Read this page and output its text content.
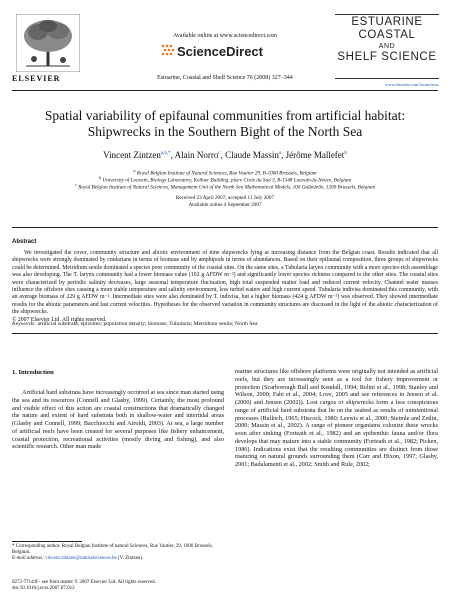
ELSEVIER
Available online at www.sciencedirect.com
ScienceDirect
Estuarine, Coastal and Shelf Science 76 (2008) 327–344
ESTUARINE
COASTAL
AND
SHELF SCIENCE
www.elsevier.com/locate/ecss
Spatial variability of epifaunal communities from artificial habitat:
Shipwrecks in the Southern Bight of the North Sea
Vincent Zintzen$^{a,b,*}$, Alain Norro$^c$, Claude Massin$^a$, Jérôme Mallefet$^b$
$^a$ Royal Belgian Institute of Natural Sciences, Rue Vautier 29, B-1000 Brussels, Belgium
$^b$ University of Louvain, Biology Laboratory, Kellner Building, place Croix du Sud 3, B-1348 Louvain-la-Neuve, Belgium
$^c$ Royal Belgian Institute of Natural Sciences, Management Unit of the North Sea Mathematical Models, 100 Gulledelle, 1200 Brussels, Belgium
Received 23 April 2007; accepted 11 July 2007
Available online 4 September 2007
Abstract
We investigated the cover, community structure and abiotic environment of nine shipwrecks lying at increasing distance from the Belgian coast. Results indicated that all shipwrecks were strongly dominated by cnidarians in terms of biomass and by amphipods in terms of abundances. Based on their epifaunal composition, three groups of shipwrecks could be determined. Metridium senile dominated a species poor community of the coastal sites. On the same sites, a Tubularia larynx community with a more species-rich assemblage was also developing. The T. larynx community had a lower biomass value (102 g AFDW m⁻²) and significantly lower species richness compared to the other sites. The coastal sites were characterized by periodic salinity decreases, large seasonal temperature fluctuation, high total suspended matter load and reduced current velocity. Channel water masses influence the offshore sites causing a more stable temperature and salinity environment, less turbid waters and high current speed. Tubularia indivisa dominated this community, with an average biomass of 229 g AFDW m⁻². Intermediate sites were also dominated by T. indivisa, but a higher biomass (424 g AFDW m⁻²) was observed. They showed intermediate results for the abiotic parameters and fast current velocities. Hypotheses for the observed variation in community structures are discussed in the light of the abiotic characterization of the shipwrecks.
© 2007 Elsevier Ltd. All rights reserved.
Keywords: artificial substrata; epizoites; population density; biomass; Tubularia; Metridium senile; North Sea
1. Introduction
Artificial hard substrata have increasingly occurred at sea since man started using the sea and its resources (Connell and Glasby, 1999). Certainly, the most profound and visible effect of this action are coastal constructions that dramatically changed the nature and extent of hard substrata both in shallow-water and intertidal areas (Glasby and Connell, 1999; Bacchiocchi and Airoldi, 2003). At sea, a large number of artificial reefs have been created for several purposes like fishery enhancement, coastal protection, recreational activities (mostly diving and fishing), and also scientific research. Other man made
marine structures like offshore platforms were originally not intended as artificial reefs, but they are increasingly seen as a tool for fishery improvement or protection (Scarborough Bull and Kendall, 1994; Relini et al., 1998; Stanley and Wilson, 2000; Fabi et al., 2004; Love, 2005 and see references in Jensen et al. (2000) and Jensen (2002)). Lost cargos or shipwrecks form a less conspicuous range of artificial hard substrata that lie on the seabed as results of unintentional processes (Bulloch, 1965; Hiscock, 1980; Leewis et al., 2000; Steimle and Zetlin, 2000; Massin et al., 2002). A range of pioneer organisms colonize these wrecks soon after sinking (Forteath et al., 1982) and an epibenthic fauna and/or flora develops that may mature into a stable community (Forteath et al., 1982; Picken, 1986). Indications exist that the resulting communities are distinct from those maturing on natural grounds surrounding them (Carr and Hixon, 1997; Glasby, 2001; Badalamenti et al., 2002; Smith and Rule, 2002;
* Corresponding author. Royal Belgian Institute of natural Sciences, Rue Vautier, 29, 1000 Brussels, Belgium.
E-mail address: vincent.zintzen@naturalsciences.be (V. Zintzen).
0272-7714/$ - see front matter © 2007 Elsevier Ltd. All rights reserved.
doi:10.1016/j.ecss.2007.07.012
